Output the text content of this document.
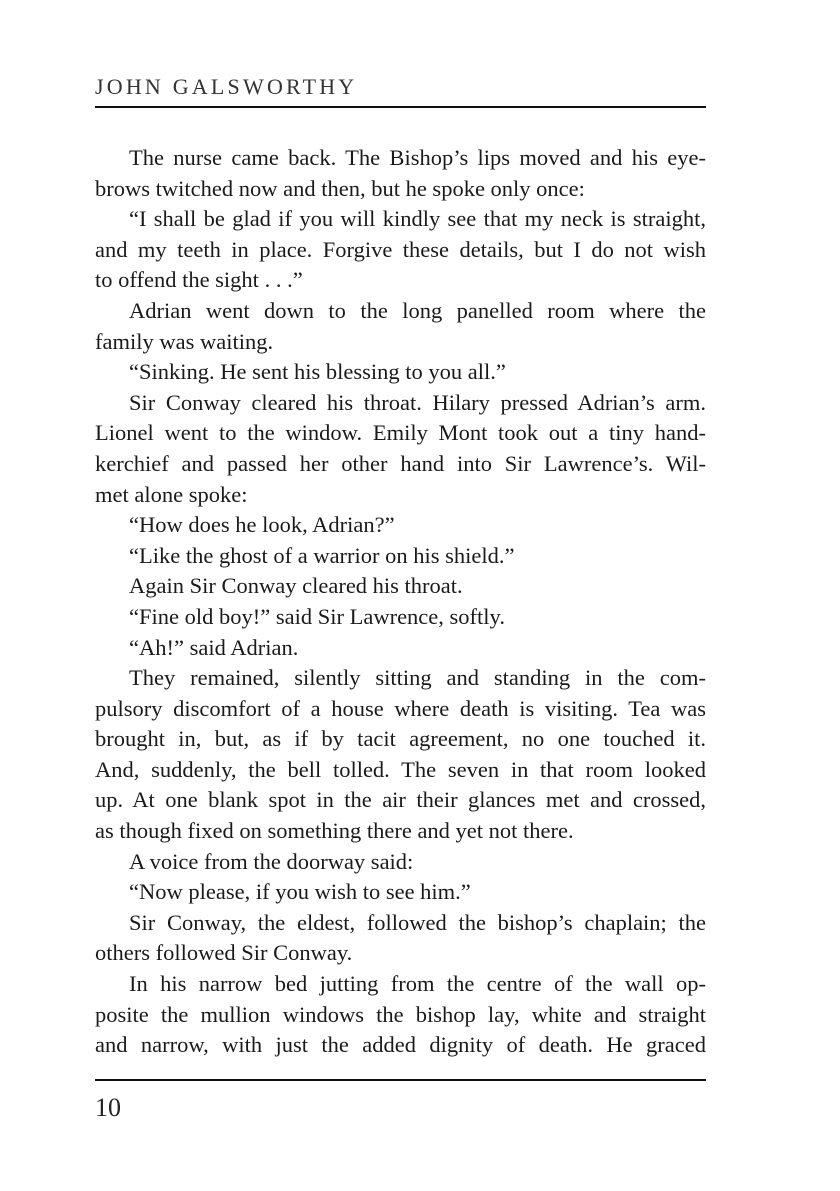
JOHN GALSWORTHY
The nurse came back. The Bishop’s lips moved and his eye-
brows twitched now and then, but he spoke only once:
“I shall be glad if you will kindly see that my neck is straight,
and my teeth in place. Forgive these details, but I do not wish
to offend the sight . . .”
Adrian went down to the long panelled room where the
family was waiting.
“Sinking. He sent his blessing to you all.”
Sir Conway cleared his throat. Hilary pressed Adrian’s arm.
Lionel went to the window. Emily Mont took out a tiny hand-
kerchief and passed her other hand into Sir Lawrence’s. Wil-
met alone spoke:
“How does he look, Adrian?”
“Like the ghost of a warrior on his shield.”
Again Sir Conway cleared his throat.
“Fine old boy!” said Sir Lawrence, softly.
“Ah!” said Adrian.
They remained, silently sitting and standing in the com-
pulsory discomfort of a house where death is visiting. Tea was
brought in, but, as if by tacit agreement, no one touched it.
And, suddenly, the bell tolled. The seven in that room looked
up. At one blank spot in the air their glances met and crossed,
as though fixed on something there and yet not there.
A voice from the doorway said:
“Now please, if you wish to see him.”
Sir Conway, the eldest, followed the bishop’s chaplain; the
others followed Sir Conway.
In his narrow bed jutting from the centre of the wall op-
posite the mullion windows the bishop lay, white and straight
and narrow, with just the added dignity of death. He graced
10
